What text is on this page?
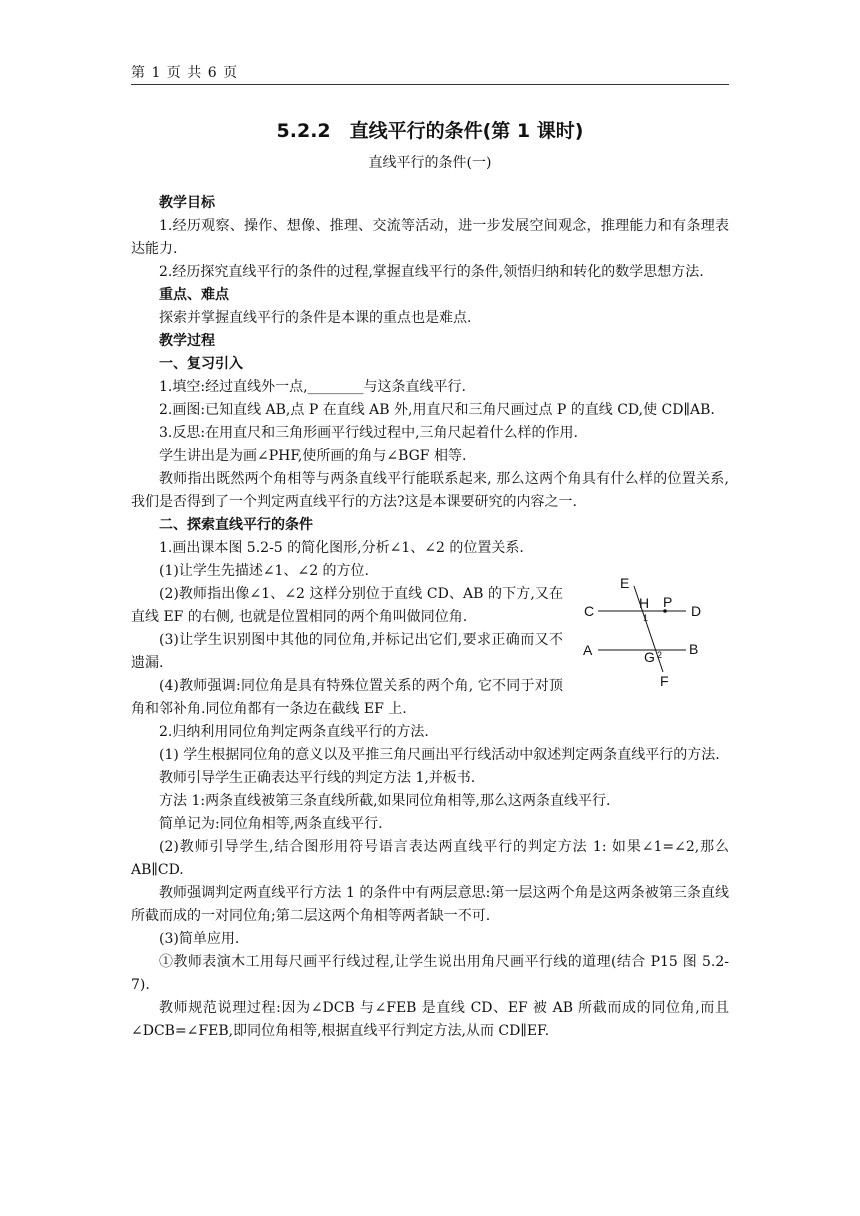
第 1 页 共 6 页
5.2.2　直线平行的条件(第 1 课时)
直线平行的条件(一)

教学目标

1.经历观察、操作、想像、推理、交流等活动，进一步发展空间观念，推理能力和有条理表达能力.

2.经历探究直线平行的条件的过程,掌握直线平行的条件,领悟归纳和转化的数学思想方法.

重点、难点

探索并掌握直线平行的条件是本课的重点也是难点.

教学过程

一、复习引入

1.填空:经过直线外一点,________与这条直线平行.

2.画图:已知直线 AB,点 P 在直线 AB 外,用直尺和三角尺画过点 P 的直线 CD,使 CD∥AB.

3.反思:在用直尺和三角形画平行线过程中,三角尺起着什么样的作用.

学生讲出是为画∠PHF,使所画的角与∠BGF 相等.

教师指出既然两个角相等与两条直线平行能联系起来, 那么这两个角具有什么样的位置关系,我们是否得到了一个判定两直线平行的方法?这是本课要研究的内容之一.

二、探索直线平行的条件

1.画出课本图 5.2-5 的简化图形,分析∠1、∠2 的位置关系.

(1)让学生先描述∠1、∠2 的方位.

(2)教师指出像∠1、∠2 这样分别位于直线 CD、AB 的下方,又在直线 EF 的右侧, 也就是位置相同的两个角叫做同位角.

(3)让学生识别图中其他的同位角,并标记出它们,要求正确而又不遗漏.

(4)教师强调:同位角是具有特殊位置关系的两个角, 它不同于对顶角和邻补角.同位角都有一条边在截线 EF 上.

2.归纳利用同位角判定两条直线平行的方法.

(1) 学生根据同位角的意义以及平推三角尺画出平行线活动中叙述判定两条直线平行的方法.

教师引导学生正确表达平行线的判定方法 1,并板书.

方法 1:两条直线被第三条直线所截,如果同位角相等,那么这两条直线平行.

简单记为:同位角相等,两条直线平行.

(2)教师引导学生,结合图形用符号语言表达两直线平行的判定方法 1: 如果∠1=∠2,那么 AB∥CD.

教师强调判定两直线平行方法 1 的条件中有两层意思:第一层这两个角是这两条被第三条直线所截而成的一对同位角;第二层这两个角相等两者缺一不可.

(3)简单应用.

①教师表演木工用每尺画平行线过程,让学生说出用角尺画平行线的道理(结合 P15 图 5.2-7).

教师规范说理过程:因为∠DCB 与∠FEB 是直线 CD、EF 被 AB 所截而成的同位角,而且∠DCB=∠FEB,即同位角相等,根据直线平行判定方法,从而 CD∥EF.

E
C	H P
D
1
A	G 2 B
F
